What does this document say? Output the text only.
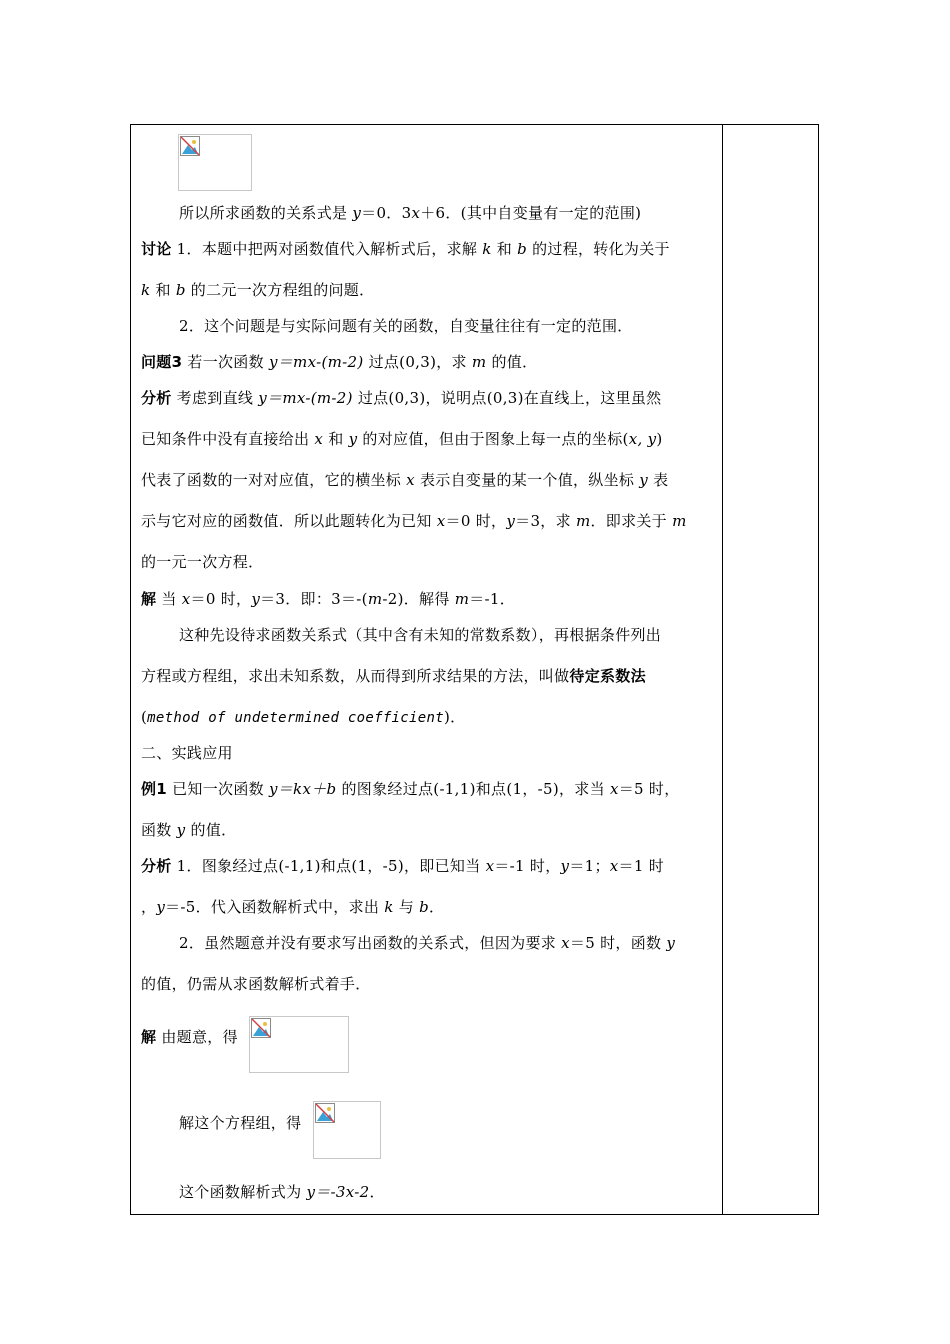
所以所求函数的关系式是 y＝0．3x＋6．(其中自变量有一定的范围)
讨论 1．本题中把两对函数值代入解析式后，求解 k 和 b 的过程，转化为关于
k 和 b 的二元一次方程组的问题．
2．这个问题是与实际问题有关的函数，自变量往往有一定的范围．
问题3 若一次函数 y＝mx-(m-2) 过点(0,3)，求 m 的值．
分析 考虑到直线 y＝mx-(m-2) 过点(0,3)，说明点(0,3)在直线上，这里虽然
已知条件中没有直接给出 x 和 y 的对应值，但由于图象上每一点的坐标(x, y)
代表了函数的一对对应值，它的横坐标 x 表示自变量的某一个值，纵坐标 y 表
示与它对应的函数值．所以此题转化为已知 x＝0 时，y＝3，求 m．即求关于 m
的一元一次方程．
解 当 x＝0 时，y＝3．即：3＝-(m-2)．解得 m＝-1．
这种先设待求函数关系式（其中含有未知的常数系数），再根据条件列出
方程或方程组，求出未知系数，从而得到所求结果的方法，叫做待定系数法
(method of undetermined coefficient)．
二、实践应用
例1 已知一次函数 y＝kx＋b 的图象经过点(-1,1)和点(1，-5)，求当 x＝5 时，
函数 y 的值．
分析 1．图象经过点(-1,1)和点(1，-5)，即已知当 x＝-1 时，y＝1；x＝1 时
，y＝-5．代入函数解析式中，求出 k 与 b．
2．虽然题意并没有要求写出函数的关系式，但因为要求 x＝5 时，函数 y
的值，仍需从求函数解析式着手．
解 由题意，得
解这个方程组，得
这个函数解析式为 y＝-3x-2．
